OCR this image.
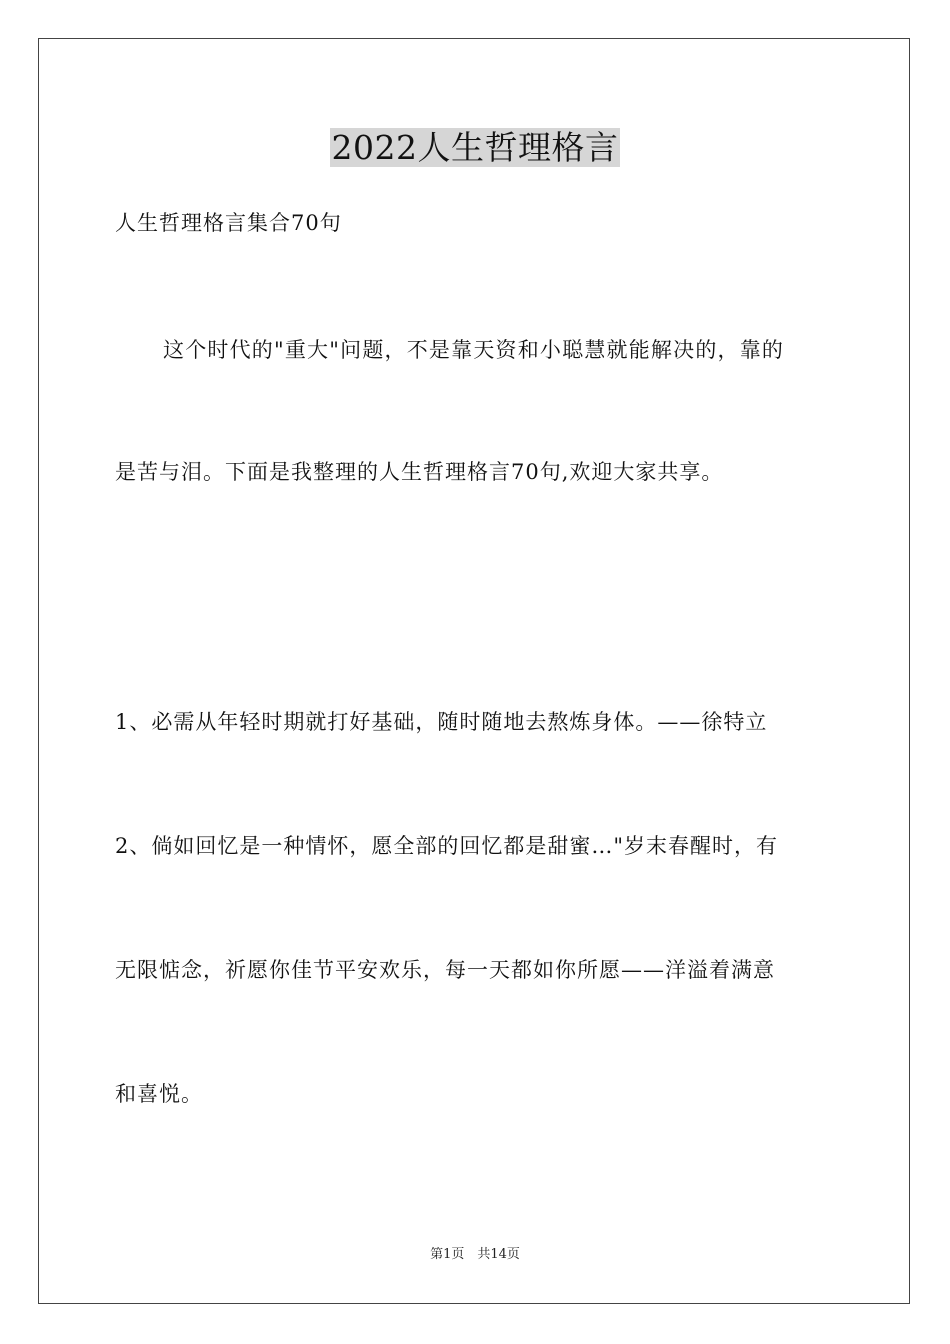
2022人生哲理格言
人生哲理格言集合70句
这个时代的"重大"问题，不是靠天资和小聪慧就能解决的，靠的
是苦与泪。下面是我整理的人生哲理格言70句,欢迎大家共享。
1、必需从年轻时期就打好基础，随时随地去熬炼身体。——徐特立
2、倘如回忆是一种情怀，愿全部的回忆都是甜蜜…"岁末春醒时，有
无限惦念，祈愿你佳节平安欢乐，每一天都如你所愿——洋溢着满意
和喜悦。
第1页　共14页
